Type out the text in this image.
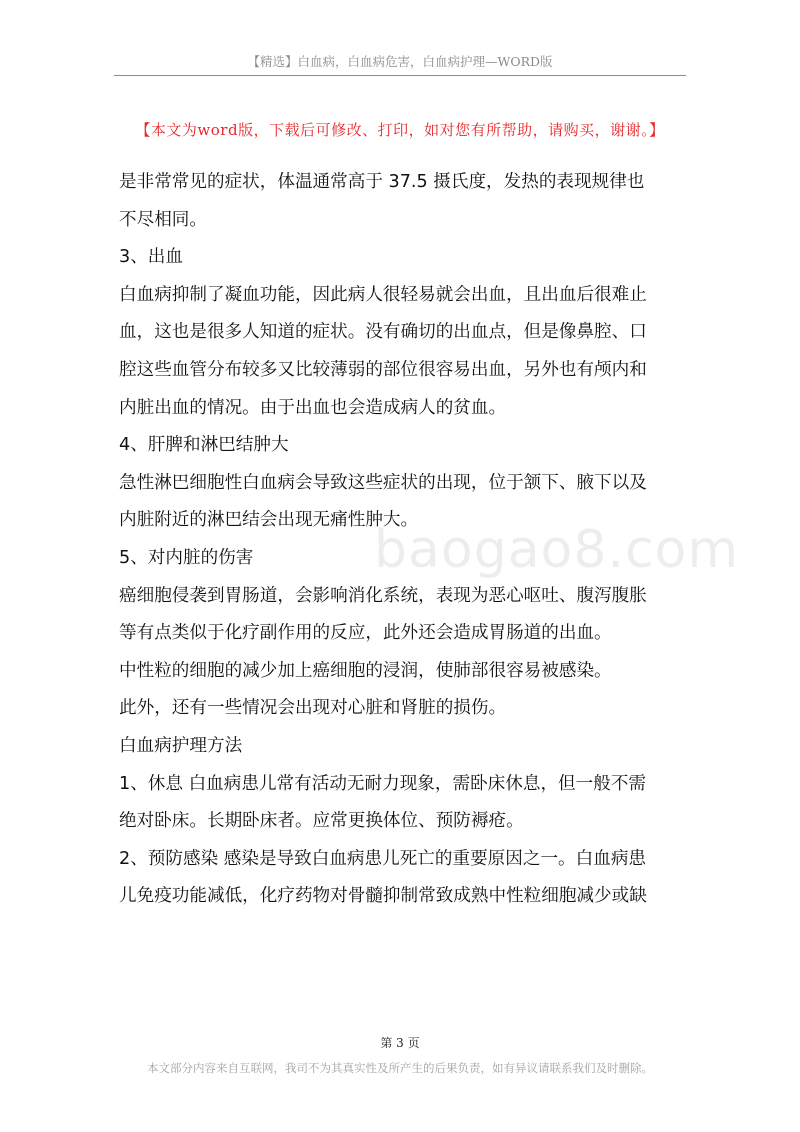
【精选】白血病，白血病危害，白血病护理—WORD版
【本文为word版，下载后可修改、打印，如对您有所帮助，请购买，谢谢。】
baogao8.com

是非常常见的症状，体温通常高于 37.5 摄氏度，发热的表现规律也

不尽相同。

3、出血

白血病抑制了凝血功能，因此病人很轻易就会出血，且出血后很难止

血，这也是很多人知道的症状。没有确切的出血点，但是像鼻腔、口

腔这些血管分布较多又比较薄弱的部位很容易出血，另外也有颅内和

内脏出血的情况。由于出血也会造成病人的贫血。

4、肝脾和淋巴结肿大

急性淋巴细胞性白血病会导致这些症状的出现，位于颔下、腋下以及

内脏附近的淋巴结会出现无痛性肿大。

5、对内脏的伤害

癌细胞侵袭到胃肠道，会影响消化系统，表现为恶心呕吐、腹泻腹胀

等有点类似于化疗副作用的反应，此外还会造成胃肠道的出血。

中性粒的细胞的减少加上癌细胞的浸润，使肺部很容易被感染。

此外，还有一些情况会出现对心脏和肾脏的损伤。

白血病护理方法

1、休息 白血病患儿常有活动无耐力现象，需卧床休息，但一般不需

绝对卧床。长期卧床者。应常更换体位、预防褥疮。

2、预防感染 感染是导致白血病患儿死亡的重要原因之一。白血病患

儿免疫功能减低，化疗药物对骨髓抑制常致成熟中性粒细胞减少或缺

第 3 页
本文部分内容来自互联网，我司不为其真实性及所产生的后果负责，如有异议请联系我们及时删除。
